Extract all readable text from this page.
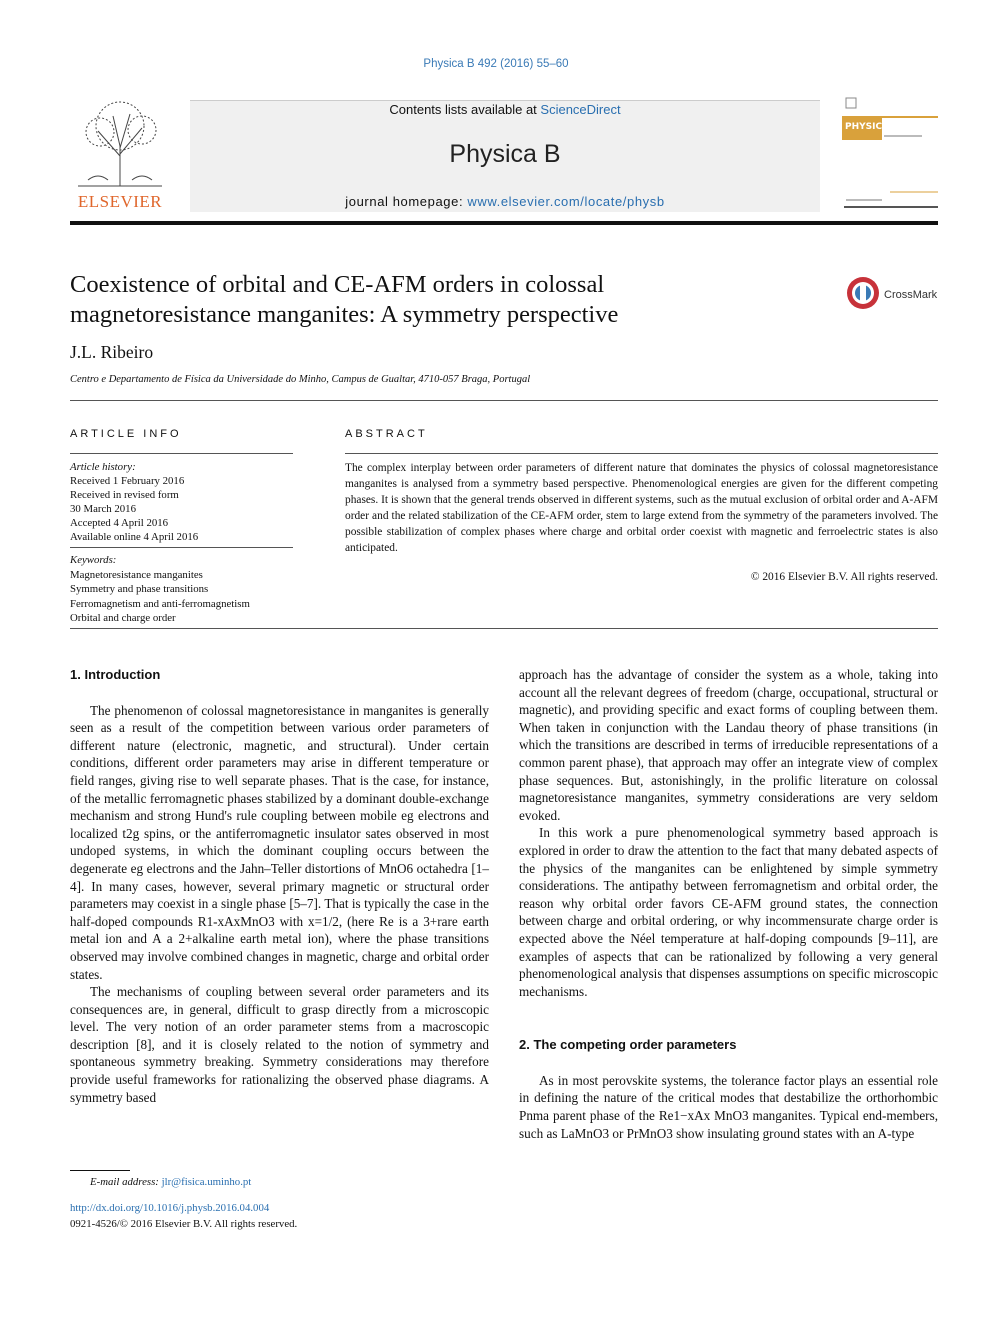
Physica B 492 (2016) 55–60
ELSEVIER
Contents lists available at ScienceDirect
Physica B
journal homepage: www.elsevier.com/locate/physb
PHYSICA
Coexistence of orbital and CE-AFM orders in colossal
magnetoresistance manganites: A symmetry perspective
CrossMark
J.L. Ribeiro
Centro e Departamento de Física da Universidade do Minho, Campus de Gualtar, 4710-057 Braga, Portugal
ARTICLE INFO	ABSTRACT
Article history:
Received 1 February 2016
Received in revised form
30 March 2016
Accepted 4 April 2016
Available online 4 April 2016
Keywords:
Magnetoresistance manganites
Symmetry and phase transitions
Ferromagnetism and anti-ferromagnetism
Orbital and charge order
The complex interplay between order parameters of different nature that dominates the physics of colossal magnetoresistance manganites is analysed from a symmetry based perspective. Phenomenological energies are given for the different competing phases. It is shown that the general trends observed in different systems, such as the mutual exclusion of orbital order and A-AFM order and the related stabilization of the CE-AFM order, stem to large extend from the symmetry of the parameters involved. The possible stabilization of complex phases where charge and orbital order coexist with magnetic and ferroelectric states is also anticipated.
© 2016 Elsevier B.V. All rights reserved.
1. Introduction

The phenomenon of colossal magnetoresistance in manganites is generally seen as a result of the competition between various order parameters of different nature (electronic, magnetic, and structural). Under certain conditions, different order parameters may arise in different temperature or field ranges, giving rise to well separate phases. That is the case, for instance, of the metallic ferromagnetic phases stabilized by a dominant double-exchange mechanism and strong Hund's rule coupling between mobile eg electrons and localized t2g spins, or the antiferromagnetic insulator sates observed in most undoped systems, in which the dominant coupling occurs between the degenerate eg electrons and the Jahn–Teller distortions of MnO6 octahedra [1–4]. In many cases, however, several primary magnetic or structural order parameters may coexist in a single phase [5–7]. That is typically the case in the half-doped compounds R1-xAxMnO3 with x=1/2, (here Re is a 3+rare earth metal ion and A a 2+alkaline earth metal ion), where the phase transitions observed may involve combined changes in magnetic, charge and orbital order states.

The mechanisms of coupling between several order parameters and its consequences are, in general, difficult to grasp directly from a microscopic level. The very notion of an order parameter stems from a macroscopic description [8], and it is closely related to the notion of symmetry and spontaneous symmetry breaking. Symmetry considerations may therefore provide useful frameworks for rationalizing the observed phase diagrams. A symmetry based

approach has the advantage of consider the system as a whole, taking into account all the relevant degrees of freedom (charge, occupational, structural or magnetic), and providing specific and exact forms of coupling between them. When taken in conjunction with the Landau theory of phase transitions (in which the transitions are described in terms of irreducible representations of a common parent phase), that approach may offer an integrate view of complex phase sequences. But, astonishingly, in the prolific literature on colossal magnetoresistance manganites, symmetry considerations are very seldom evoked.

In this work a pure phenomenological symmetry based approach is explored in order to draw the attention to the fact that many debated aspects of the physics of the manganites can be enlightened by simple symmetry considerations. The antipathy between ferromagnetism and orbital order, the reason why orbital order favors CE-AFM ground states, the connection between charge and orbital ordering, or why incommensurate charge order is expected above the Néel temperature at half-doping compounds [9–11], are examples of aspects that can be rationalized by following a very general phenomenological analysis that dispenses assumptions on specific microscopic mechanisms.

2. The competing order parameters

As in most perovskite systems, the tolerance factor plays an essential role in defining the nature of the critical modes that destabilize the orthorhombic Pnma parent phase of the Re1−xAx MnO3 manganites. Typical end-members, such as LaMnO3 or PrMnO3 show insulating ground states with an A-type

E-mail address: jlr@fisica.uminho.pt
http://dx.doi.org/10.1016/j.physb.2016.04.004
0921-4526/© 2016 Elsevier B.V. All rights reserved.
